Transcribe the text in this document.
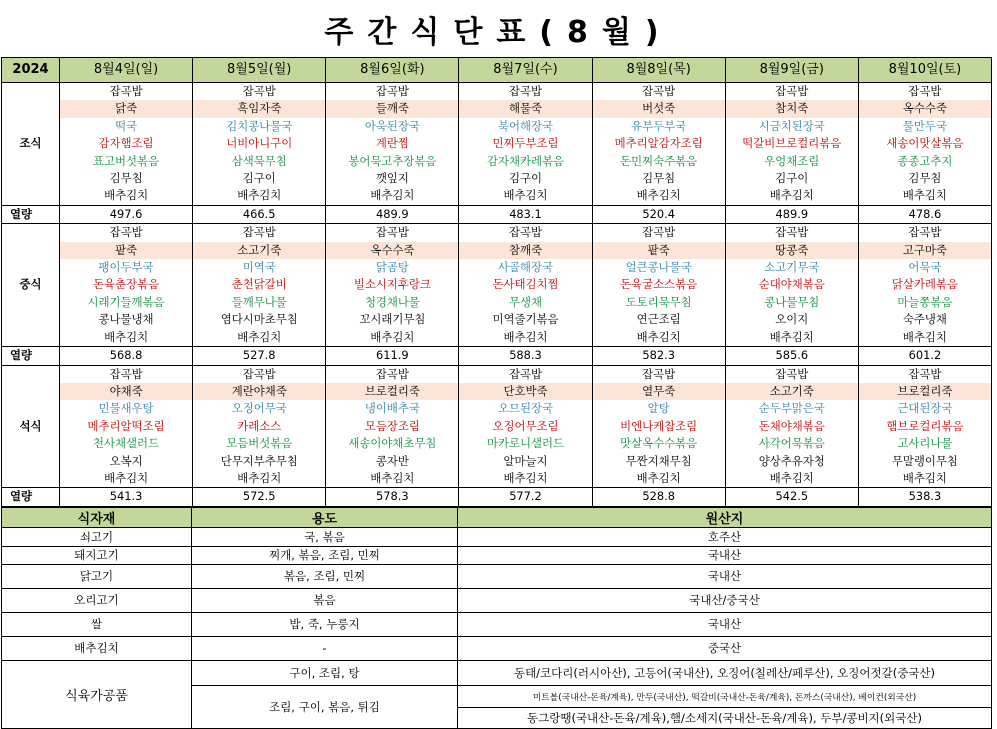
주간식단표(8월)
2024	8월4일(일)	8월5일(월)	8월6일(화)	8월7일(수)	8월8일(목)	8월9일(금)	8월10일(토)
조식	잡곡밥	잡곡밥	잡곡밥	잡곡밥	잡곡밥	잡곡밥	잡곡밥
	닭죽	흑임자죽	들깨죽	해물죽	버섯죽	참치죽	옥수수죽
	떡국	김치콩나물국	아욱된장국	북어해장국	유부두부국	시금치된장국	물만두국
	감자햄조림	너비아니구이	계란찜	민찌두부조림	메추리알감자조림	떡갈비브로컬리볶음	새송이맛살볶음
	표고버섯볶음	삼색묵무침	봉어묵고추장볶음	감자채카레볶음	돈민찌숙주볶음	우엉채조림	종종고추지
	김무침	김구이	깻잎지	김구이	김무침	김구이	김무침
	배추김치	배추김치	배추김치	배추김치	배추김치	배추김치	배추김치
열량	497.6	466.5	489.9	483.1	520.4	489.9	478.6
중식	잡곡밥	잡곡밥	잡곡밥	잡곡밥	잡곡밥	잡곡밥	잡곡밥
	팥죽	소고기죽	옥수수죽	참깨죽	팥죽	땅콩죽	고구마죽
	팽이두부국	미역국	닭곰탕	사골해장국	얼큰콩나물국	소고기무국	어묵국
	돈육춘장볶음	춘천닭갈비	빌소시지후랑크	돈사태김치찜	돈육굴소스볶음	순대야채볶음	닭살카레볶음
	시래기들깨볶음	들깨무나물	청경채나물	무생채	도토리묵무침	콩나물무침	마늘쫑볶음
	콩나물냉채	염다시마초무침	꼬시래기무침	미역줄기볶음	연근조림	오이지	숙주냉채
	배추김치	배추김치	배추김치	배추김치	배추김치	배추김치	배추김치
열량	568.8	527.8	611.9	588.3	582.3	585.6	601.2
석식	잡곡밥	잡곡밥	잡곡밥	잡곡밥	잡곡밥	잡곡밥	잡곡밥
	야채죽	계란야채죽	브로컬리죽	단호박죽	열무죽	소고기죽	브로컬리죽
	민물새우탕	오징어무국	냉이배추국	오므된장국	알탕	순두부맑은국	근대된장국
	메추리알떡조림	카레소스	모듬장조림	오징어무조림	비엔나케찹조림	돈채야채볶음	햄브로컬리볶음
	천사채샐러드	모듬버섯볶음	새송이야채초무침	마카로니샐러드	맛살옥수수볶음	사각어묵볶음	고사리나물
	오복지	단무지부추무침	콩자반	알마늘지	무짠지채무침	양상추유자청	무말랭이무침
	배추김치	배추김치	배추김치	배추김치	배추김치	배추김치	배추김치
열량	541.3	572.5	578.3	577.2	528.8	542.5	538.3
식자재	용도	원산지
쇠고기	국, 볶음	호주산
돼지고기	찌개, 볶음, 조림, 민찌	국내산
닭고기	볶음, 조림, 민찌	국내산
오리고기	볶음	국내산/중국산
쌀	밥, 죽, 누룽지	국내산
배추김치	-	중국산
식육가공품	구이, 조림, 탕	동태/코다리(러시아산), 고등어(국내산), 오징어(칠레산/페루산), 오징어젓갈(중국산)
	조림, 구이, 볶음, 튀김	미트볼(국내산-돈육/계육), 만두(국내산), 떡갈비(국내산-돈육/계육), 돈까스(국내산), 베이컨(외국산)
		동그랑땡(국내산-돈육/계육),햄/소세지(국내산-돈육/계육), 두부/콩비지(외국산)
